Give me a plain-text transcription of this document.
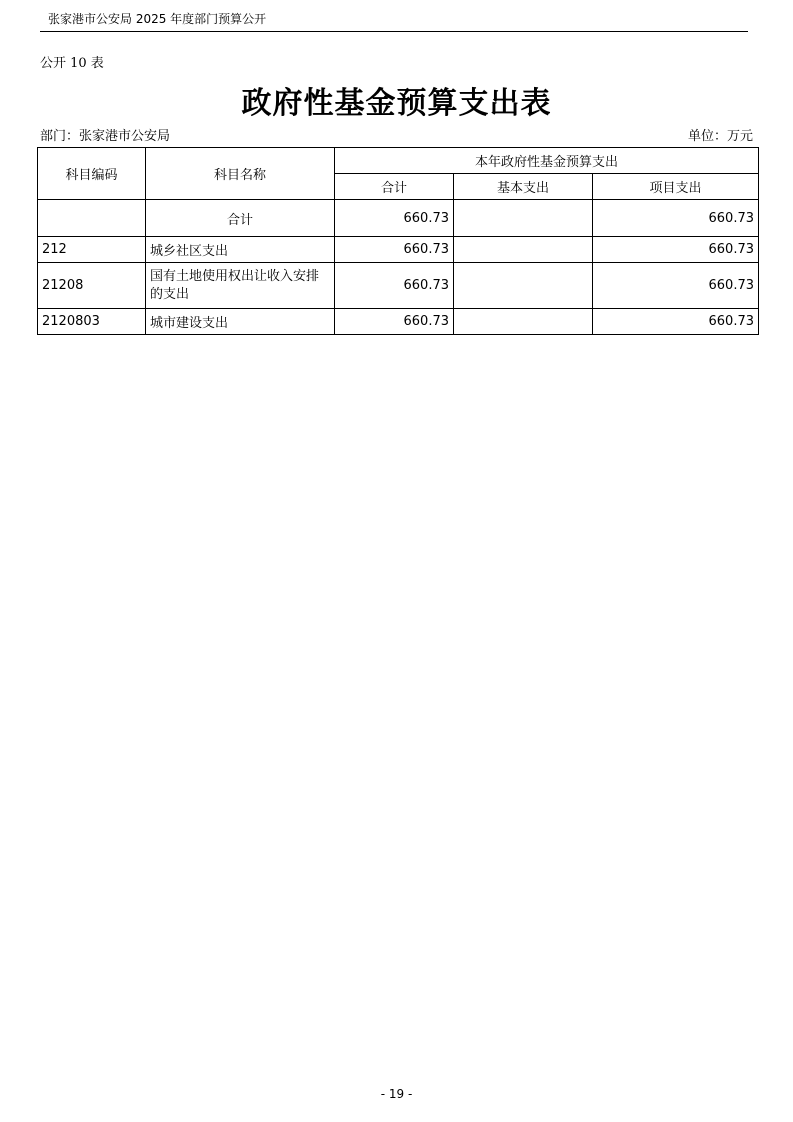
张家港市公安局 2025 年度部门预算公开
公开 10 表
政府性基金预算支出表
部门：张家港市公安局	单位：万元
科目编码	科目名称	本年政府性基金预算支出		
		合计	基本支出	项目支出
	合计	660.73		660.73
212	城乡社区支出	660.73		660.73
21208	国有土地使用权出让收入安排的支出	660.73		660.73
2120803	城市建设支出	660.73		660.73
- 19 -
